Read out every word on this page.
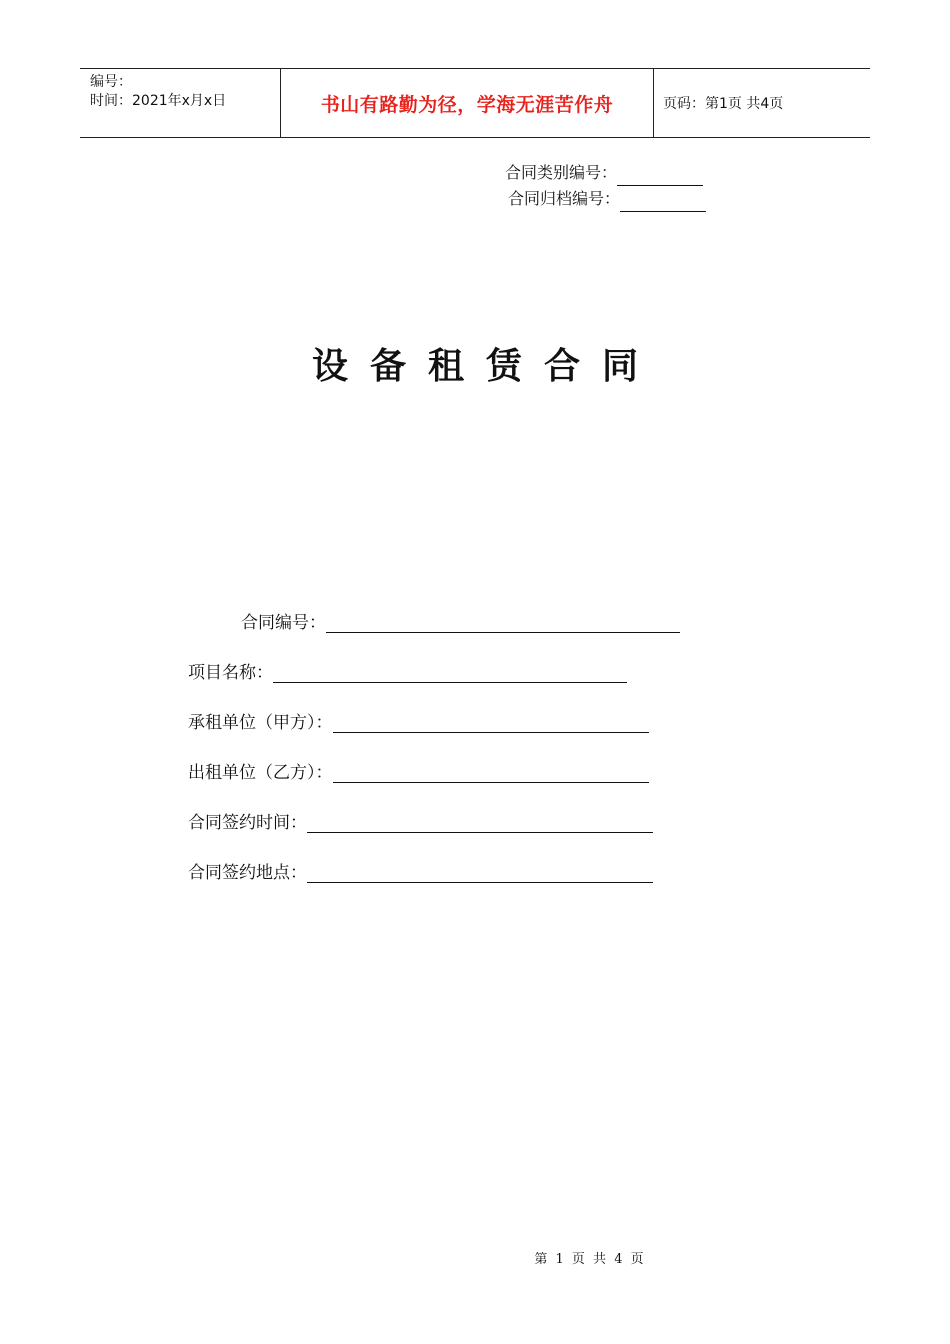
编号：
时间：2021年x月x日	书山有路勤为径，学海无涯苦作舟	页码：第1页 共4页
合同类别编号：
合同归档编号：
设备租赁合同
合同编号：
项目名称：
承租单位（甲方）：
出租单位（乙方）：
合同签约时间：
合同签约地点：
第 1 页 共 4 页
